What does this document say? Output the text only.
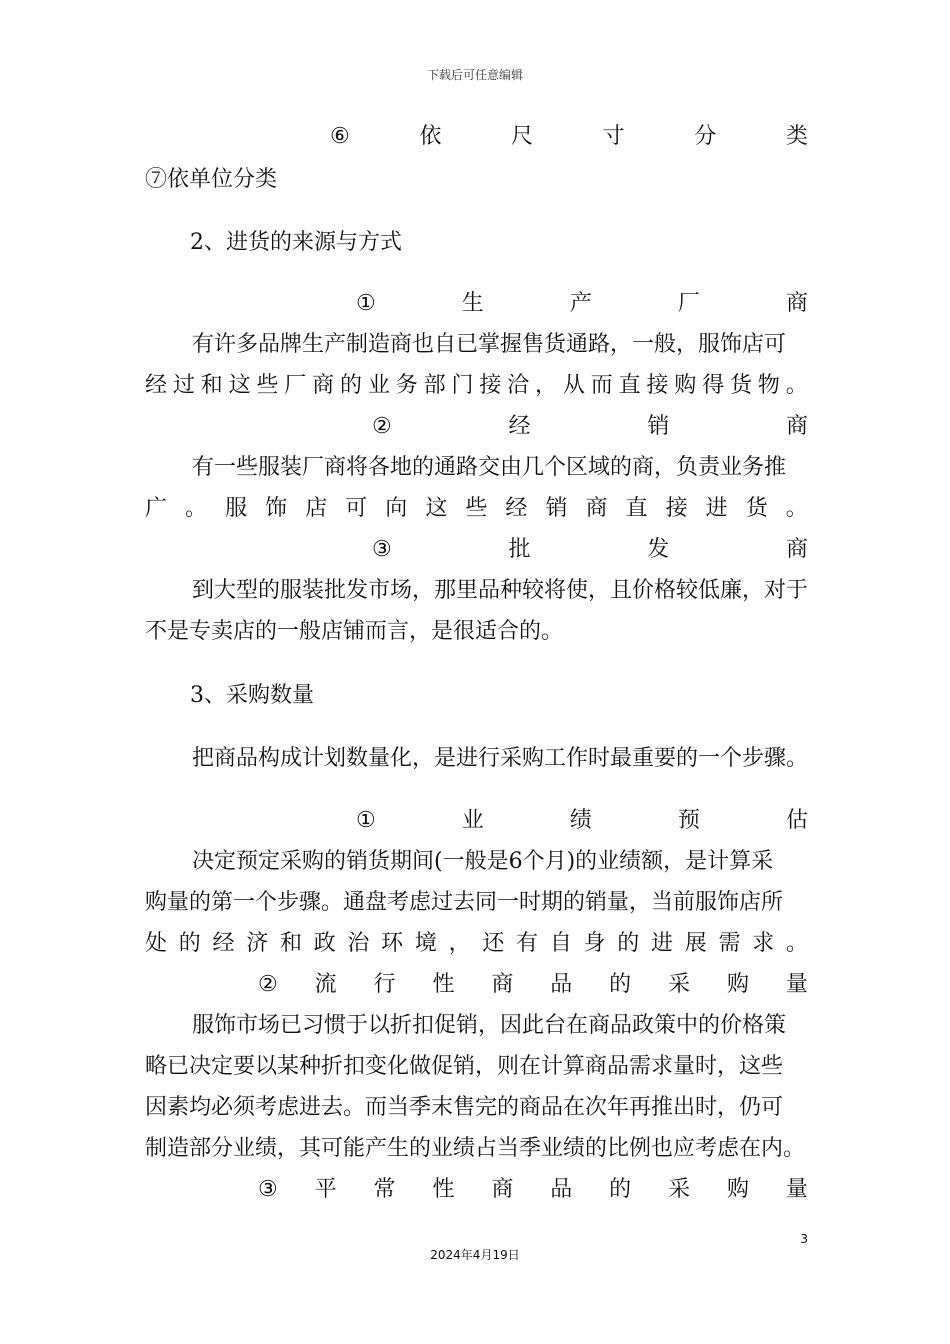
下载后可任意编辑
⑥	依	尺	寸	分	类
⑦依单位分类
2、进货的来源与方式
①	生	产	厂	商
有许多品牌生产制造商也自已掌握售货通路，一般，服饰店可
经 过 和 这 些 厂 商 的 业 务 部 门 接 洽 ， 从 而 直 接 购 得 货 物 。
②	经	销	商
有一些服装厂商将各地的通路交由几个区域的商，负责业务推
广 。 服 饰 店 可 向 这 些 经 销 商 直 接 进 货 。
③	批	发	商
到大型的服装批发市场，那里品种较将使，且价格较低廉，对于
不是专卖店的一般店铺而言，是很适合的。
3、采购数量
把商品构成计划数量化，是进行采购工作时最重要的一个步骤。
①	业	绩	预	估
决定预定采购的销货期间(一般是6个月)的业绩额，是计算采
购量的第一个步骤。通盘考虑过去同一时期的销量，当前服饰店所
处 的 经 济 和 政 治 环 境 ， 还 有 自 身 的 进 展 需 求 。
② 流 行 性 商 品 的 采 购 量
服饰市场已习惯于以折扣促销，因此台在商品政策中的价格策
略已决定要以某种折扣变化做促销，则在计算商品需求量时，这些
因素均必须考虑进去。而当季末售完的商品在次年再推出时，仍可
制造部分业绩，其可能产生的业绩占当季业绩的比例也应考虑在内。
③ 平 常 性 商 品 的 采 购 量
3
2024年4月19日
